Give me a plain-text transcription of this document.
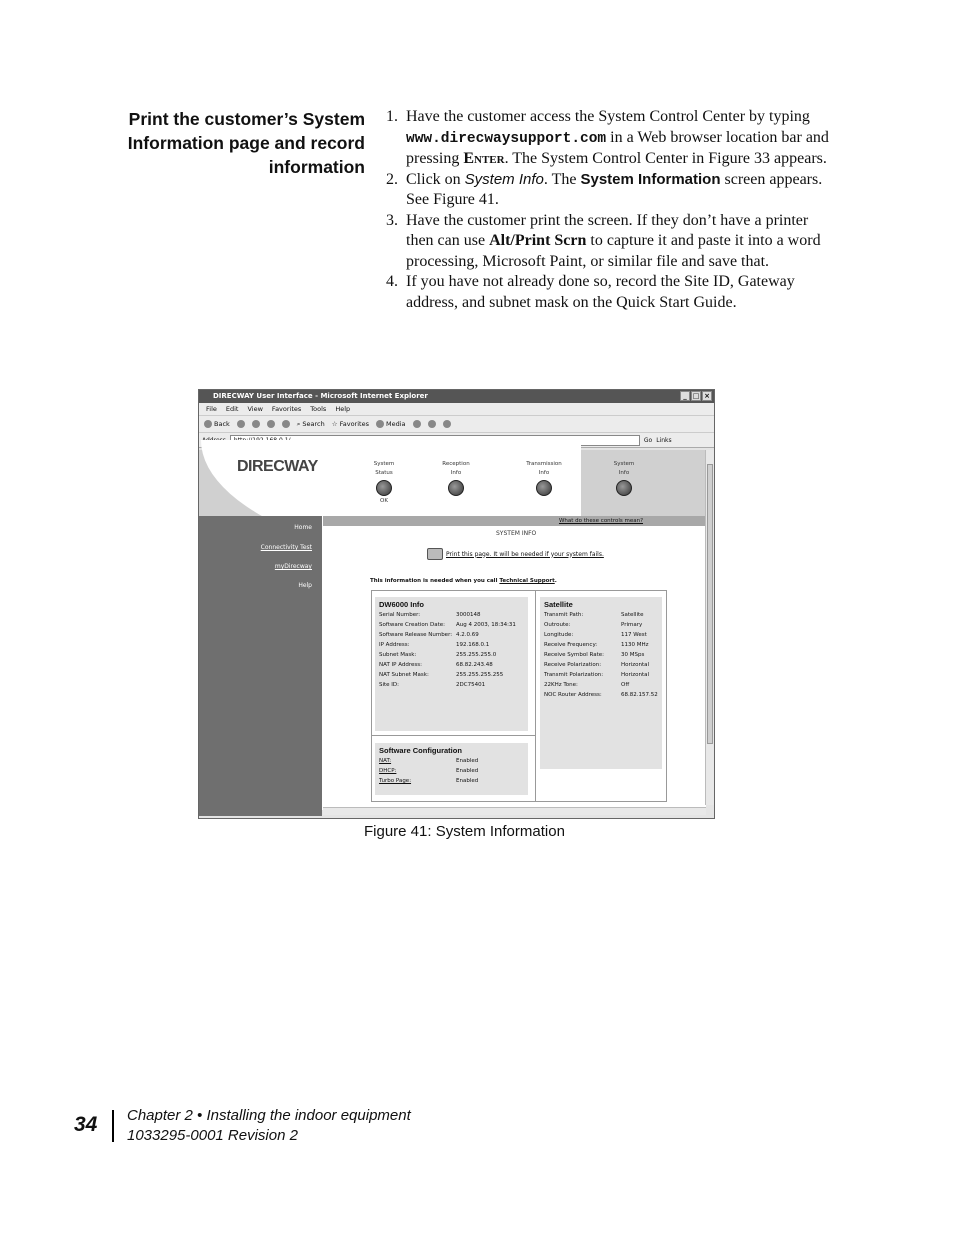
Print the customer’s System Information page and record information
1. Have the customer access the System Control Center by typing www.direcwaysupport.com in a Web browser location bar and pressing Enter. The System Control Center in Figure 33 appears.
2. Click on System Info. The System Information screen appears. See Figure 41.
3. Have the customer print the screen. If they don’t have a printer then can use Alt/Print Scrn to capture it and paste it into a word processing, Microsoft Paint, or similar file and save that.
4. If you have not already done so, record the Site ID, Gateway address, and subnet mask on the Quick Start Guide.
DIRECWAY User Interface - Microsoft Internet Explorer	_ □ ×
File Edit View Favorites Tools Help
Back	⌕ Search ☆ Favorites	Media
Go Links
DIRECWAY	System
Status
OK
Reception
Info
Transmission
Info
System
Info
Home
Connectivity Test
myDirecway
Help
What do these controls mean?
SYSTEM INFO
Print this page. It will be needed if your system fails.
This information is needed when you call Technical Support.
DW6000 Info
Serial Number:	3000148
Software Creation Date:	Aug 4 2003, 18:34:31
Software Release Number: 4.2.0.69
IP Address:	192.168.0.1
Subnet Mask:	255.255.255.0
NAT IP Address:	68.82.243.48
NAT Subnet Mask:	255.255.255.255
Site ID:	2DC75401
Software Configuration
NAT:	Enabled
DHCP:	Enabled
Turbo Page:	Enabled
Satellite
Transmit Path:	Satellite
Outroute:	Primary
Longitude:	117 West
Receive Frequency:	1130 MHz
Receive Symbol Rate:	30 MSps
Receive Polarization:	Horizontal
Transmit Polarization:	Horizontal
22KHz Tone:	Off
NOC Router Address:	68.82.157.52
Figure 41: System Information
34 Chapter 2 • Installing the indoor equipment
1033295-0001 Revision 2
